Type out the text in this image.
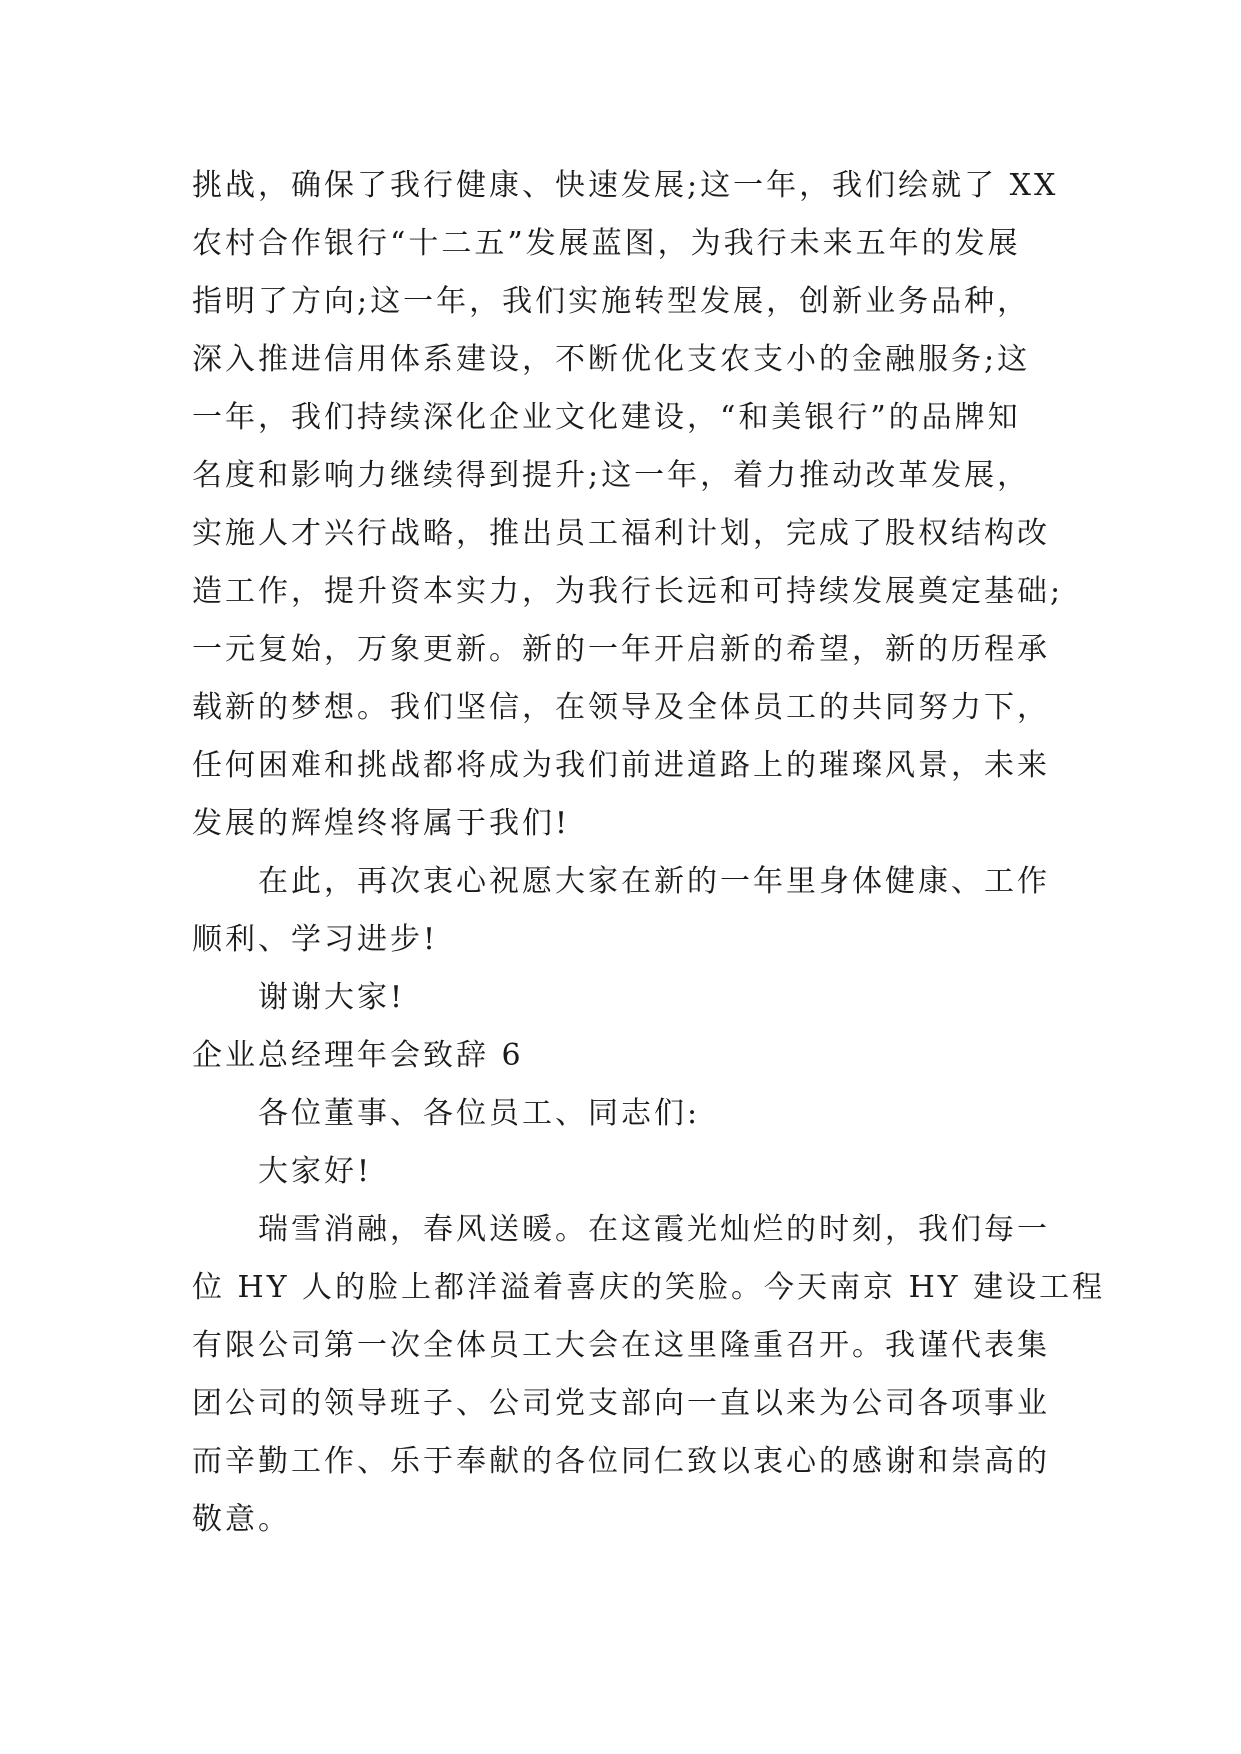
挑战，确保了我行健康、快速发展;这一年，我们绘就了 XX
农村合作银行“十二五”发展蓝图，为我行未来五年的发展
指明了方向;这一年，我们实施转型发展，创新业务品种，
深入推进信用体系建设，不断优化支农支小的金融服务;这
一年，我们持续深化企业文化建设，“和美银行”的品牌知
名度和影响力继续得到提升;这一年，着力推动改革发展，
实施人才兴行战略，推出员工福利计划，完成了股权结构改
造工作，提升资本实力，为我行长远和可持续发展奠定基础;
一元复始，万象更新。新的一年开启新的希望，新的历程承
载新的梦想。我们坚信，在领导及全体员工的共同努力下，
任何困难和挑战都将成为我们前进道路上的璀璨风景，未来
发展的辉煌终将属于我们!
在此，再次衷心祝愿大家在新的一年里身体健康、工作
顺利、学习进步!
谢谢大家!
企业总经理年会致辞 6
各位董事、各位员工、同志们:
大家好!
瑞雪消融，春风送暖。在这霞光灿烂的时刻，我们每一
位 HY 人的脸上都洋溢着喜庆的笑脸。今天南京 HY 建设工程
有限公司第一次全体员工大会在这里隆重召开。我谨代表集
团公司的领导班子、公司党支部向一直以来为公司各项事业
而辛勤工作、乐于奉献的各位同仁致以衷心的感谢和崇高的
敬意。
